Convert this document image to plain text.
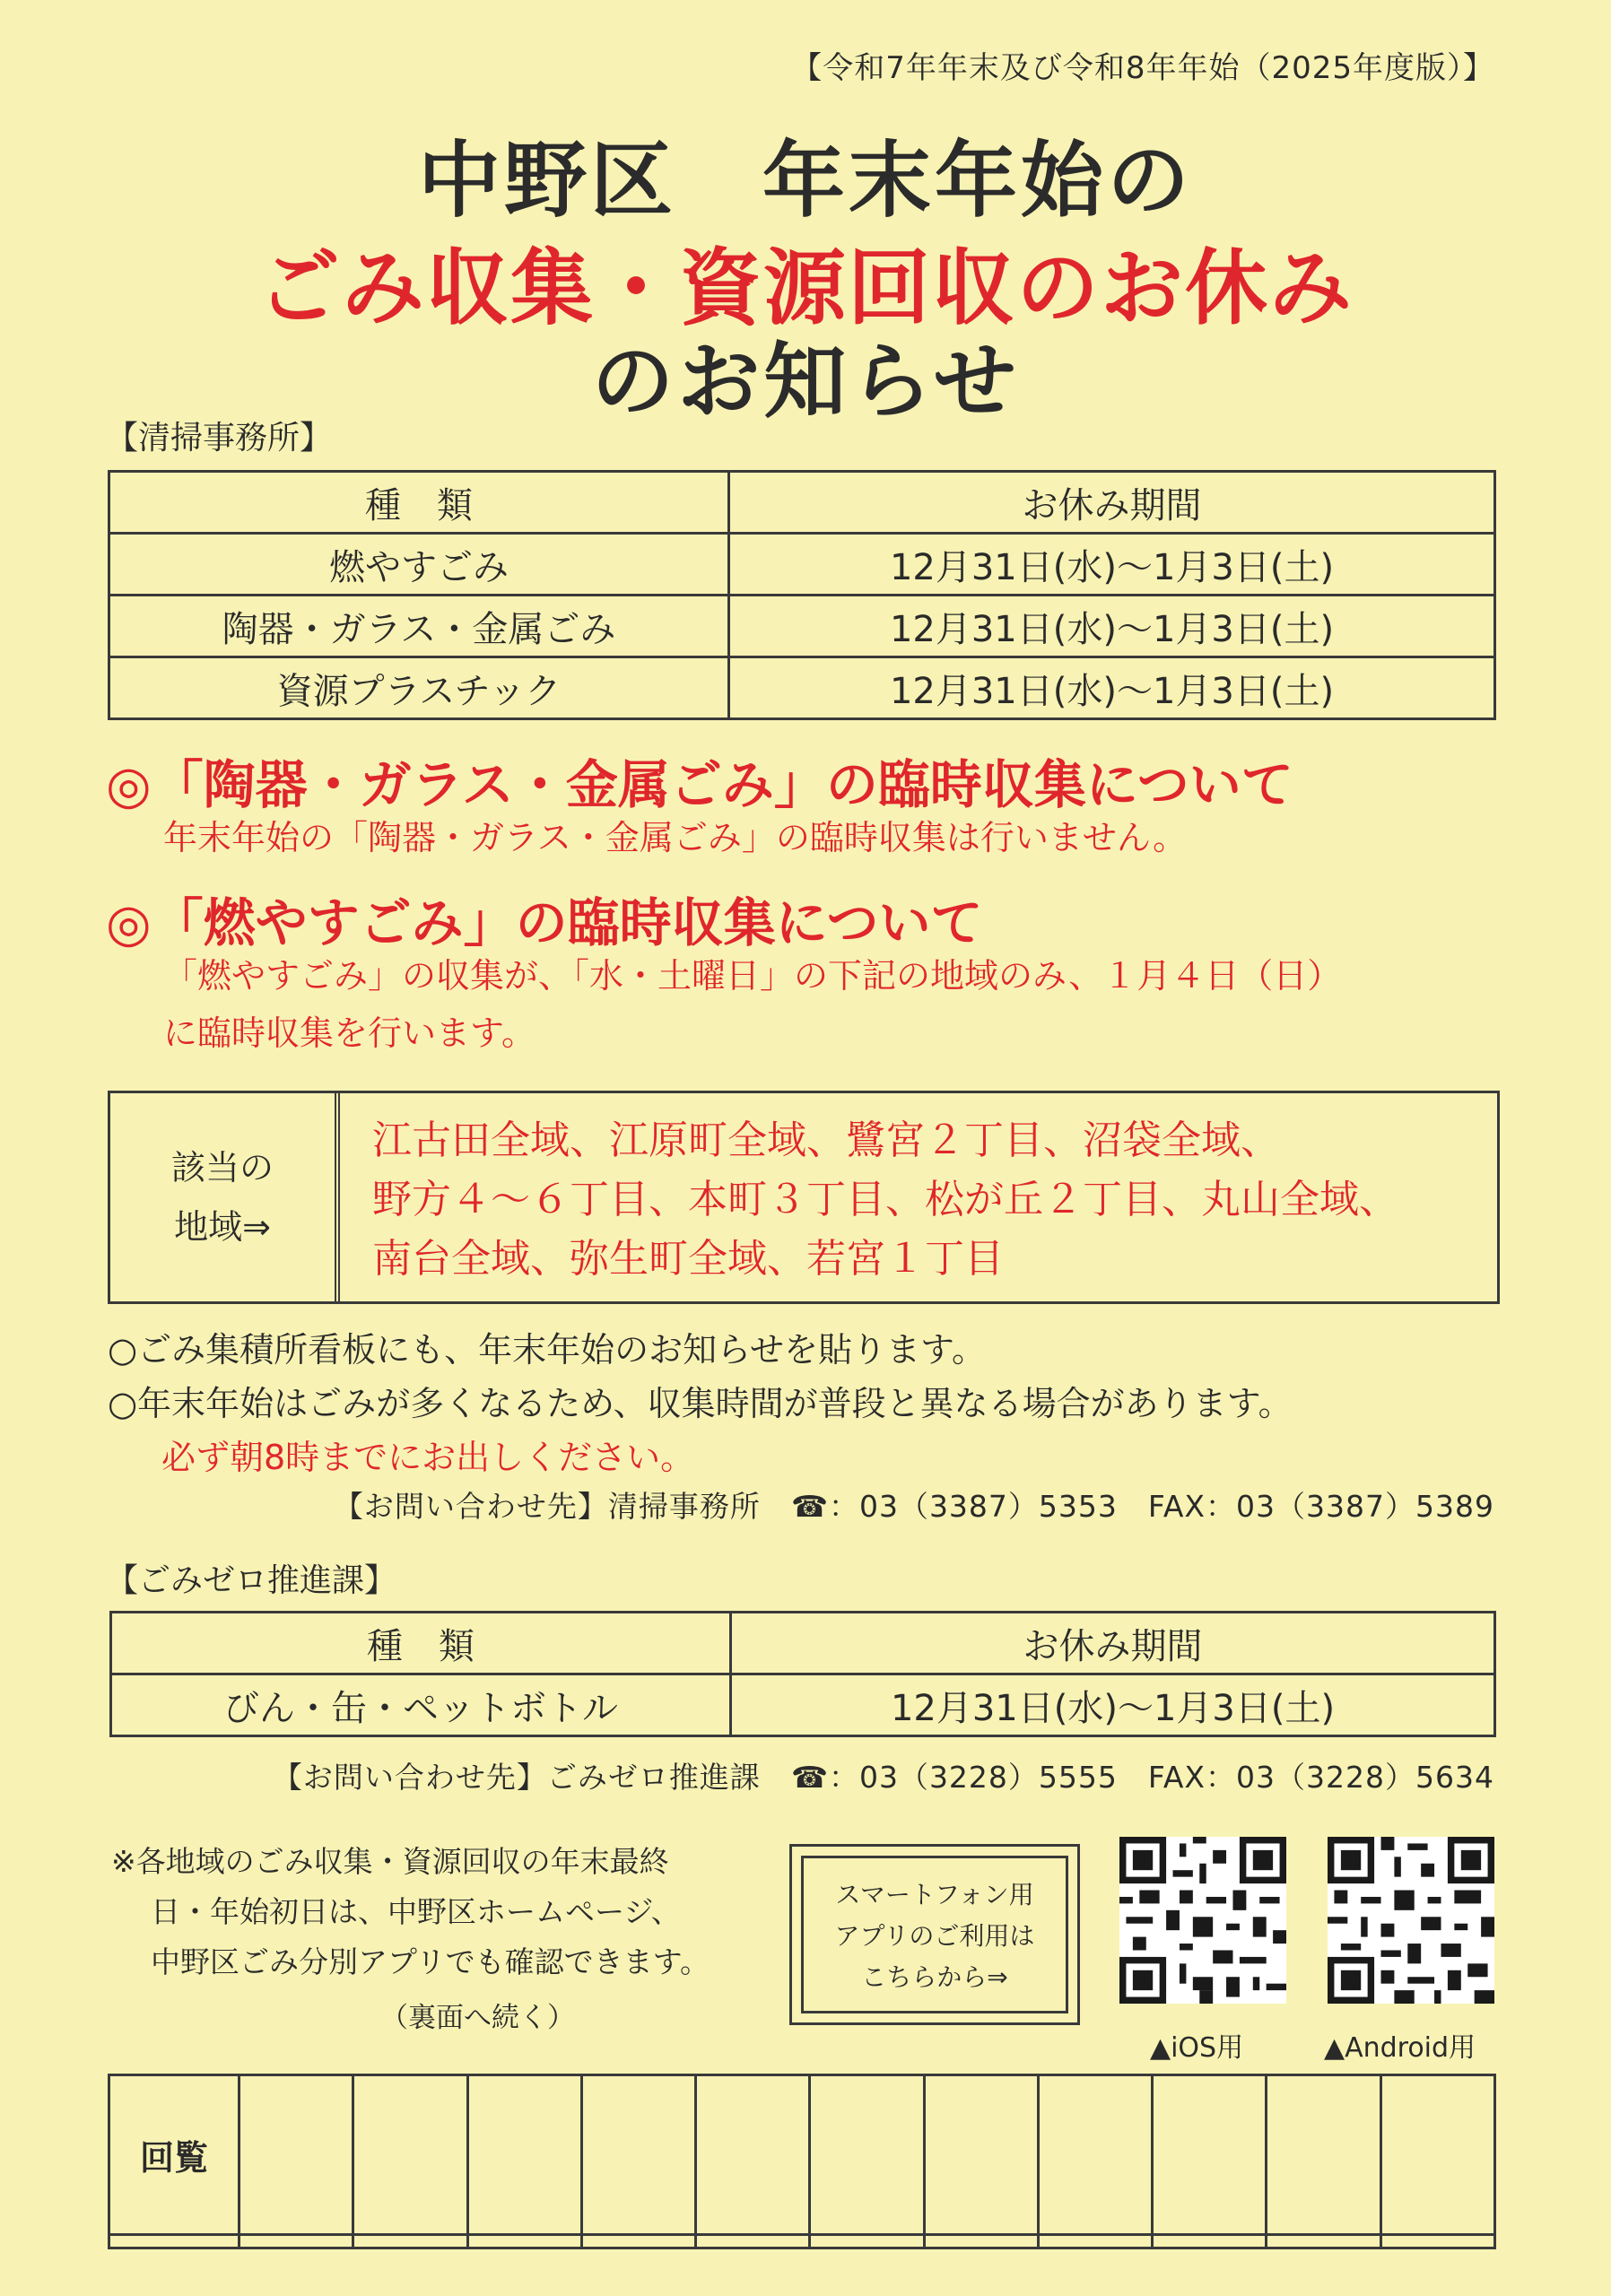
【令和7年年末及び令和8年年始（2025年度版）】
中野区　年末年始の
ごみ収集・資源回収のお休み
のお知らせ
【清掃事務所】
種　類	お休み期間
燃やすごみ	12月31日(水)～1月3日(土)
陶器・ガラス・金属ごみ	12月31日(水)～1月3日(土)
資源プラスチック	12月31日(水)～1月3日(土)
◎「陶器・ガラス・金属ごみ」の臨時収集について
年末年始の「陶器・ガラス・金属ごみ」の臨時収集は行いません。
◎「燃やすごみ」の臨時収集について
「燃やすごみ」の収集が、「水・土曜日」の下記の地域のみ、１月４日（日）
に臨時収集を行います。
該当の
地域⇒
江古田全域、江原町全域、鷺宮２丁目、沼袋全域、
野方４～６丁目、本町３丁目、松が丘２丁目、丸山全域、
南台全域、弥生町全域、若宮１丁目
○ごみ集積所看板にも、年末年始のお知らせを貼ります。
○年末年始はごみが多くなるため、収集時間が普段と異なる場合があります。
必ず朝8時までにお出しください。
【お問い合わせ先】清掃事務所　☎：03（3387）5353　FAX：03（3387）5389
【ごみゼロ推進課】
種　類	お休み期間
びん・缶・ペットボトル	12月31日(水)～1月3日(土)
【お問い合わせ先】ごみゼロ推進課　☎：03（3228）5555　FAX：03（3228）5634
※各地域のごみ収集・資源回収の年末最終
日・年始初日は、中野区ホームページ、
中野区ごみ分別アプリでも確認できます。
（裏面へ続く）
スマートフォン用
アプリのご利用は
こちらから⇒
▲iOS用	▲Android用
回覧											
